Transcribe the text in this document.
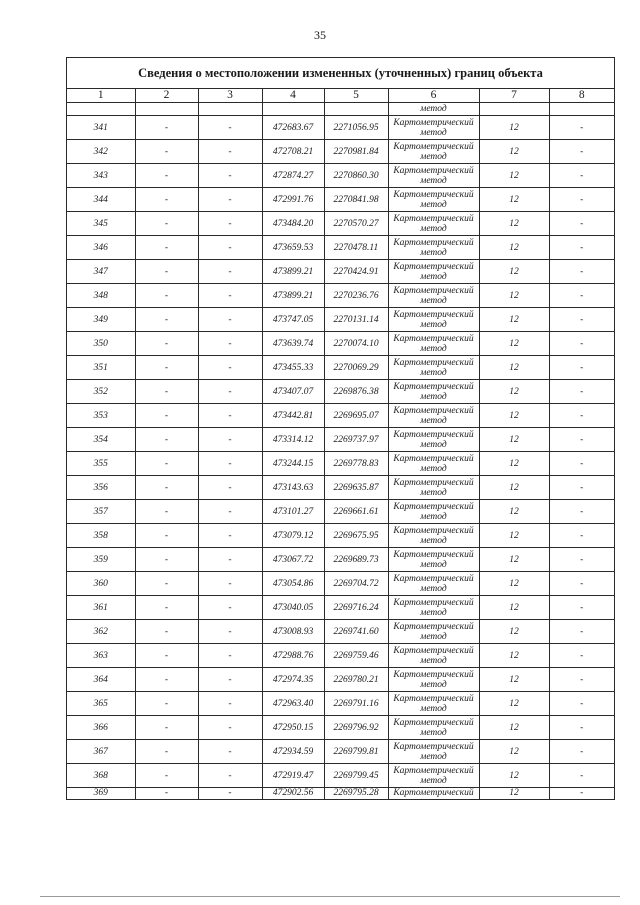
35
Сведения о местоположении измененных (уточненных) границ объекта
1	2	3	4	5	6	7	8
					метод		
341	-	-	472683.67	2271056.95	Картометрический
метод	12	-
342	-	-	472708.21	2270981.84	Картометрический
метод	12	-
343	-	-	472874.27	2270860.30	Картометрический
метод	12	-
344	-	-	472991.76	2270841.98	Картометрический
метод	12	-
345	-	-	473484.20	2270570.27	Картометрический
метод	12	-
346	-	-	473659.53	2270478.11	Картометрический
метод	12	-
347	-	-	473899.21	2270424.91	Картометрический
метод	12	-
348	-	-	473899.21	2270236.76	Картометрический
метод	12	-
349	-	-	473747.05	2270131.14	Картометрический
метод	12	-
350	-	-	473639.74	2270074.10	Картометрический
метод	12	-
351	-	-	473455.33	2270069.29	Картометрический
метод	12	-
352	-	-	473407.07	2269876.38	Картометрический
метод	12	-
353	-	-	473442.81	2269695.07	Картометрический
метод	12	-
354	-	-	473314.12	2269737.97	Картометрический
метод	12	-
355	-	-	473244.15	2269778.83	Картометрический
метод	12	-
356	-	-	473143.63	2269635.87	Картометрический
метод	12	-
357	-	-	473101.27	2269661.61	Картометрический
метод	12	-
358	-	-	473079.12	2269675.95	Картометрический
метод	12	-
359	-	-	473067.72	2269689.73	Картометрический
метод	12	-
360	-	-	473054.86	2269704.72	Картометрический
метод	12	-
361	-	-	473040.05	2269716.24	Картометрический
метод	12	-
362	-	-	473008.93	2269741.60	Картометрический
метод	12	-
363	-	-	472988.76	2269759.46	Картометрический
метод	12	-
364	-	-	472974.35	2269780.21	Картометрический
метод	12	-
365	-	-	472963.40	2269791.16	Картометрический
метод	12	-
366	-	-	472950.15	2269796.92	Картометрический
метод	12	-
367	-	-	472934.59	2269799.81	Картометрический
метод	12	-
368	-	-	472919.47	2269799.45	Картометрический
метод	12	-
369	-	-	472902.56	2269795.28	Картометрический	12	-
